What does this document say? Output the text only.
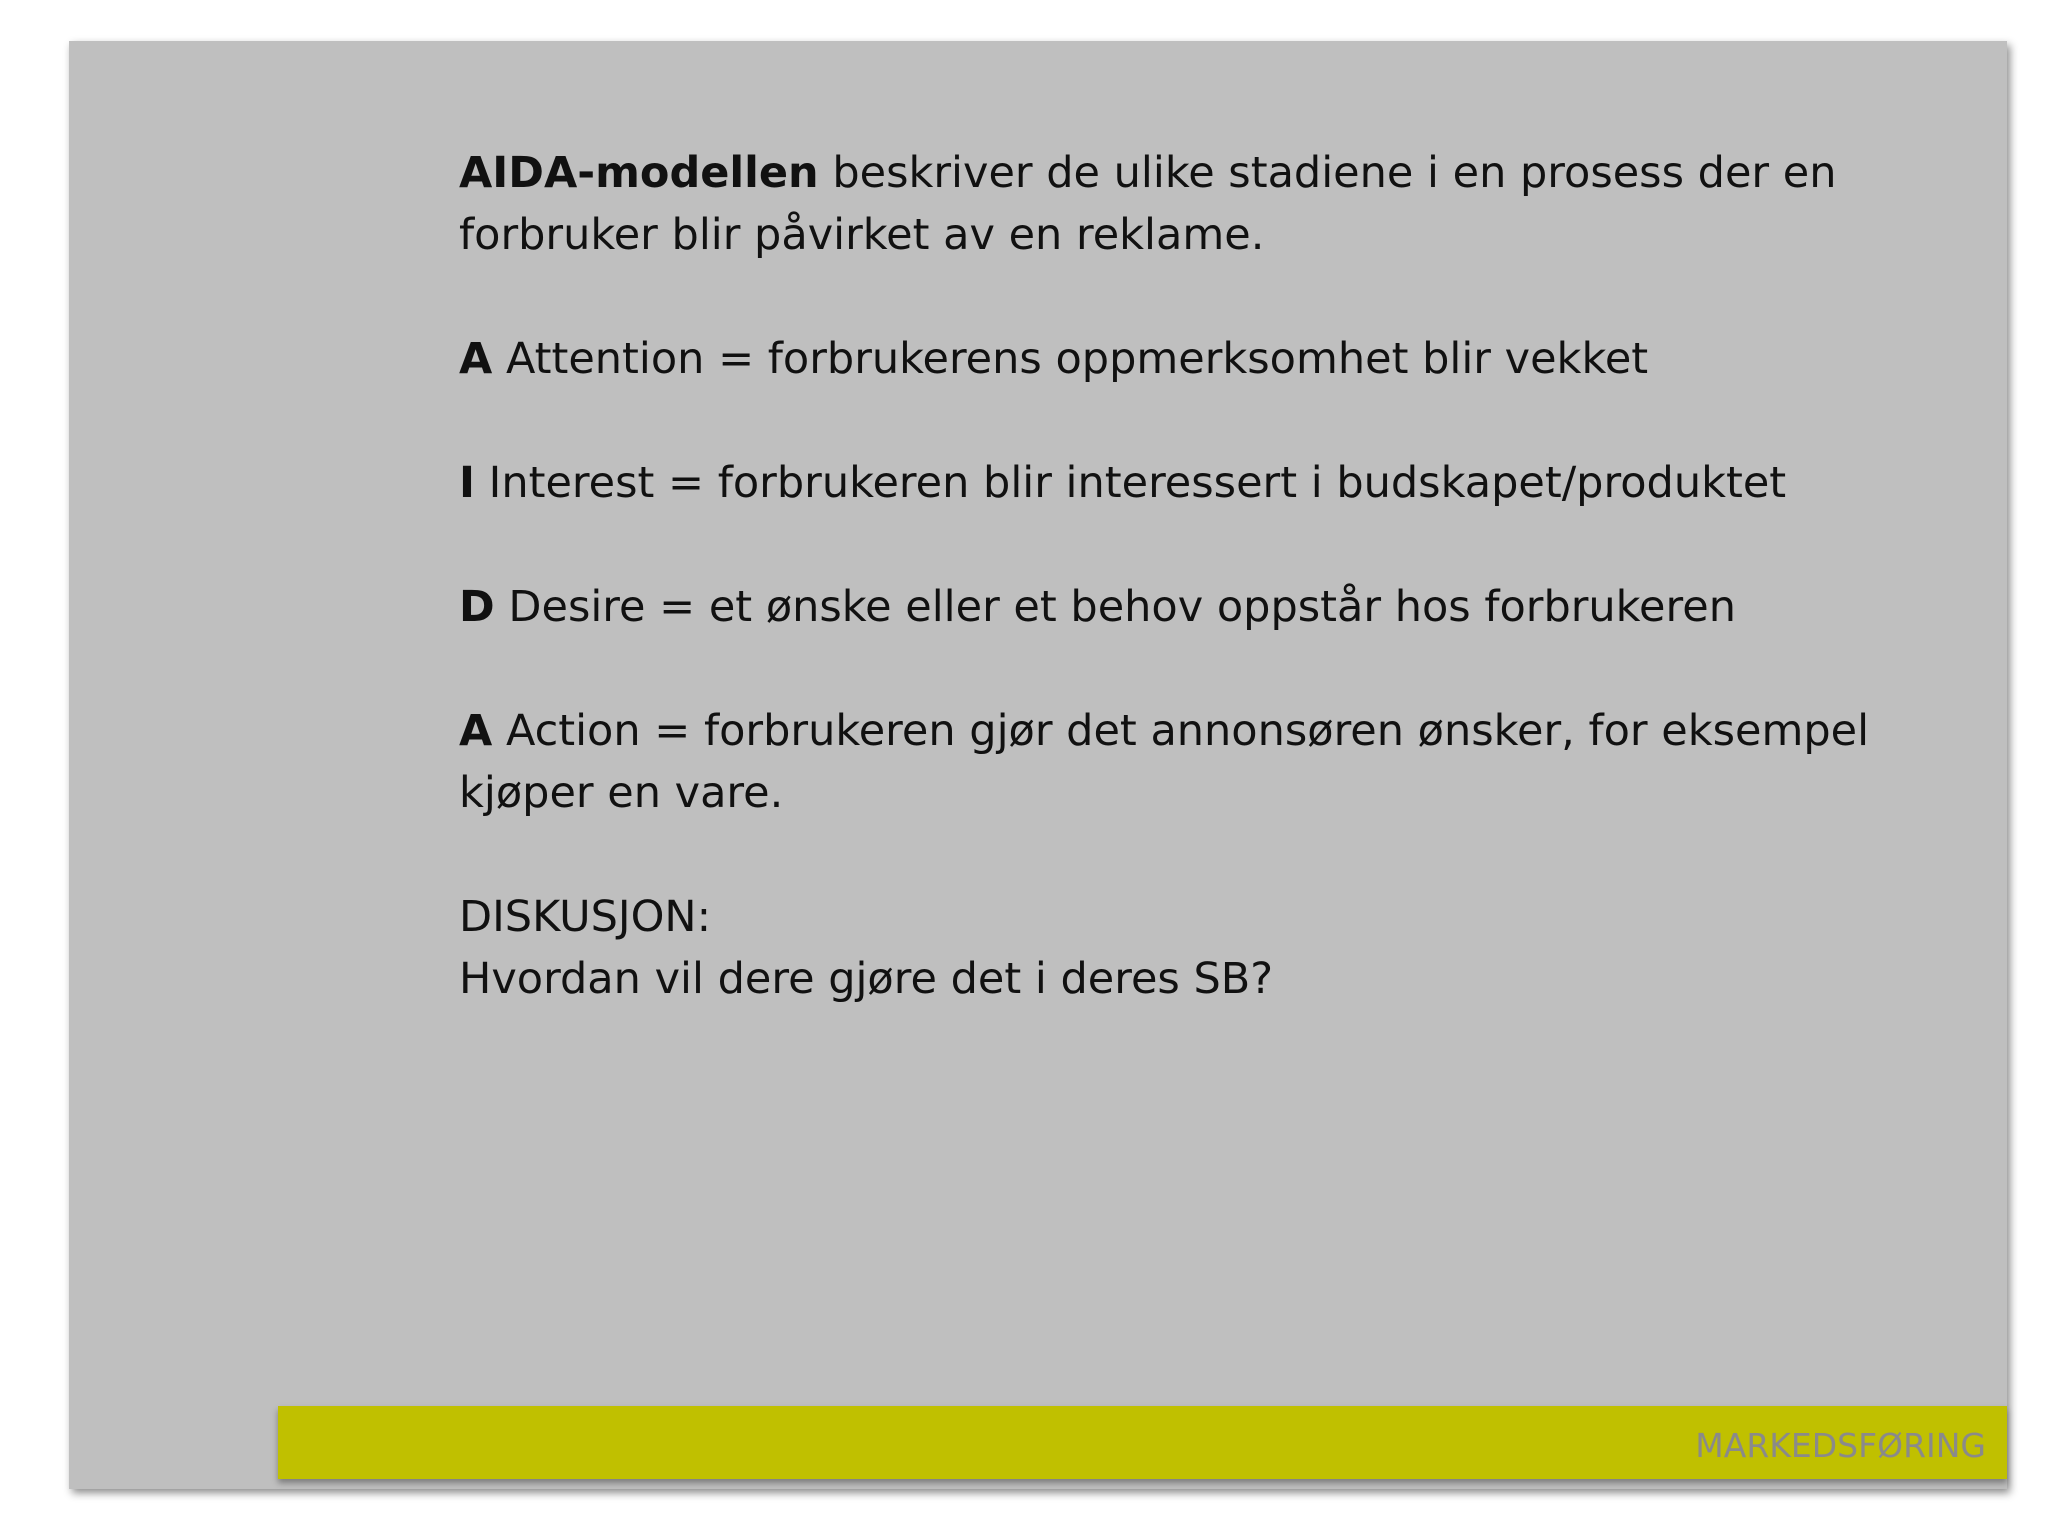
AIDA-modellen beskriver de ulike stadiene i en prosess der en forbruker blir påvirket av en reklame.

A Attention = forbrukerens oppmerksomhet blir vekket

I Interest = forbrukeren blir interessert i budskapet/produktet

D Desire = et ønske eller et behov oppstår hos forbrukeren

A Action = forbrukeren gjør det annonsøren ønsker, for eksempel kjøper en vare.

DISKUSJON:
Hvordan vil dere gjøre det i deres SB?

MARKEDSFØRING
